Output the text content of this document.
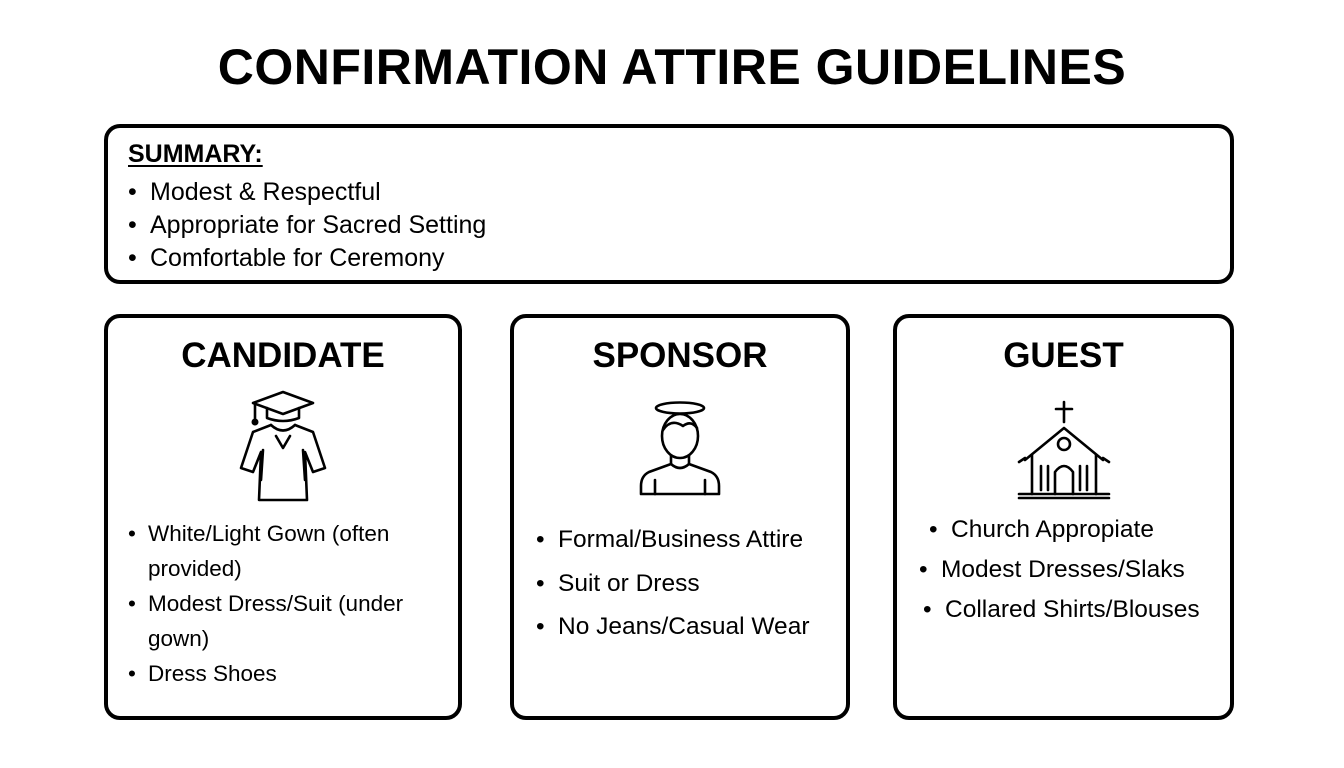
CONFIRMATION ATTIRE GUIDELINES
SUMMARY:
• Modest & Respectful
• Appropriate for Sacred Setting
• Comfortable for Ceremony
CANDIDATE
• White/Light Gown (often
provided)
• Modest Dress/Suit (under gown)
• Dress Shoes
SPONSOR
• Formal/Business Attire
• Suit or Dress
• No Jeans/Casual Wear
GUEST
• Church Appropiate
• Modest Dresses/Slaks
• Collared Shirts/Blouses
